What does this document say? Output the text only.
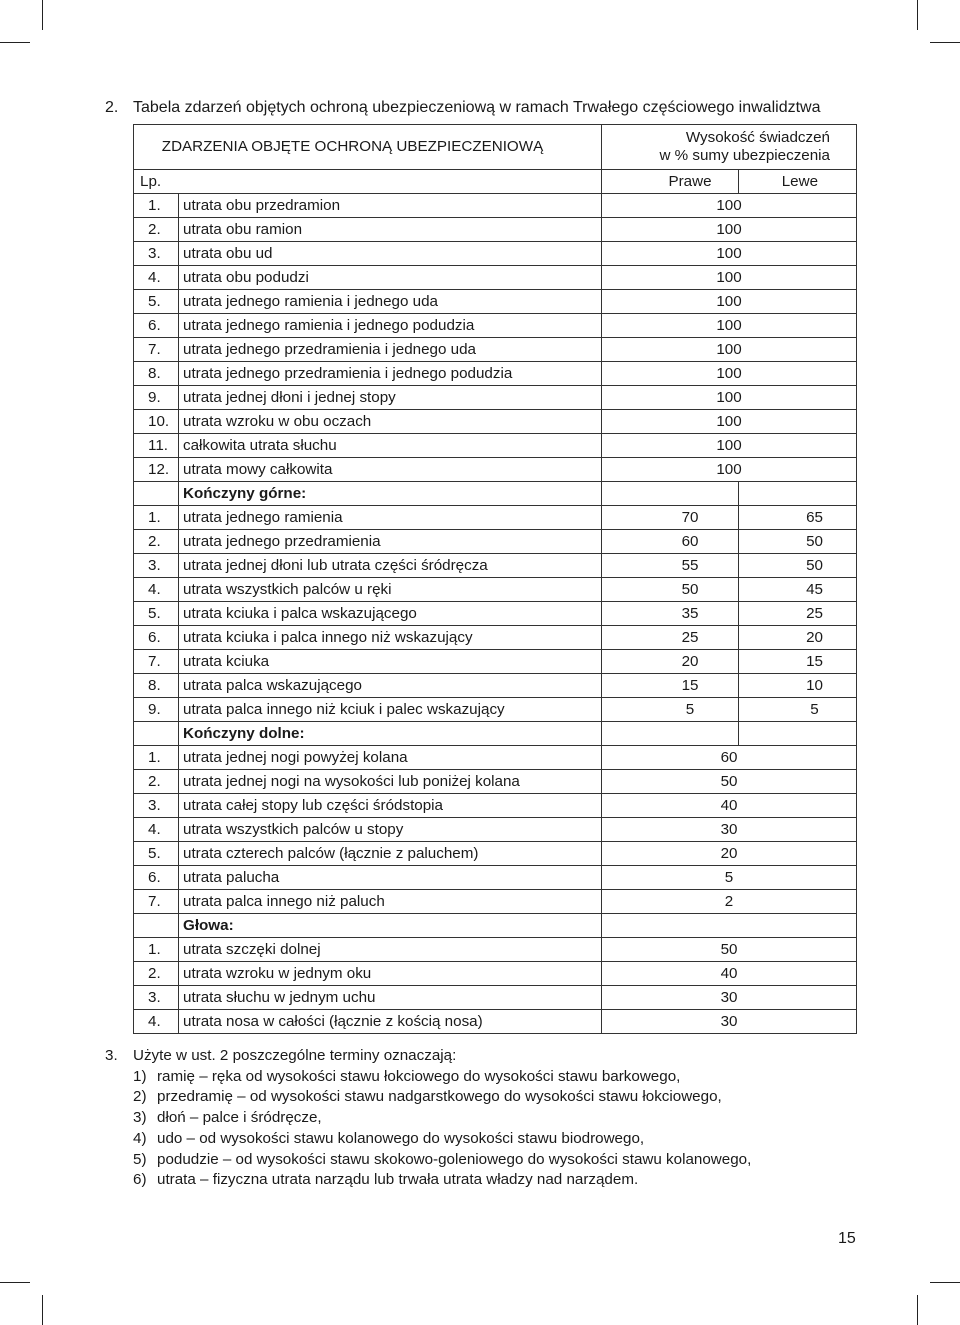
2. Tabela zdarzeń objętych ochroną ubezpieczeniową w ramach Trwałego częściowego inwalidztwa
ZDARZENIA OBJĘTE OCHRONĄ UBEZPIECZENIOWĄ		Wysokość świadczeń
w % sumy ubezpieczenia	
Lp.		Prawe	Lewe
1.	utrata obu przedramion	100	
2.	utrata obu ramion	100	
3.	utrata obu ud	100	
4.	utrata obu podudzi	100	
5.	utrata jednego ramienia i jednego uda	100	
6.	utrata jednego ramienia i jednego podudzia	100	
7.	utrata jednego przedramienia i jednego uda	100	
8.	utrata jednego przedramienia i jednego podudzia	100	
9.	utrata jednej dłoni i jednej stopy	100	
10.	utrata wzroku w obu oczach	100	
11.	całkowita utrata słuchu	100	
12.	utrata mowy całkowita	100	
	Kończyny górne:		
1.	utrata jednego ramienia	70	65
2.	utrata jednego przedramienia	60	50
3.	utrata jednej dłoni lub utrata części śródręcza	55	50
4.	utrata wszystkich palców u ręki	50	45
5.	utrata kciuka i palca wskazującego	35	25
6.	utrata kciuka i palca innego niż wskazujący	25	20
7.	utrata kciuka	20	15
8.	utrata palca wskazującego	15	10
9.	utrata palca innego niż kciuk i palec wskazujący	5	5
	Kończyny dolne:		
1.	utrata jednej nogi powyżej kolana	60	
2.	utrata jednej nogi na wysokości lub poniżej kolana	50	
3.	utrata całej stopy lub części śródstopia	40	
4.	utrata wszystkich palców u stopy	30	
5.	utrata czterech palców (łącznie z paluchem)	20	
6.	utrata palucha	5	
7.	utrata palca innego niż paluch	2	
	Głowa:		
1.	utrata szczęki dolnej	50	
2.	utrata wzroku w jednym oku	40	
3.	utrata słuchu w jednym uchu	30	
4.	utrata nosa w całości (łącznie z kością nosa)	30	
3. Użyte w ust. 2 poszczególne terminy oznaczają:
1) ramię – ręka od wysokości stawu łokciowego do wysokości stawu barkowego,
2) przedramię – od wysokości stawu nadgarstkowego do wysokości stawu łokciowego,
3) dłoń – palce i śródręcze,
4) udo – od wysokości stawu kolanowego do wysokości stawu biodrowego,
5) podudzie – od wysokości stawu skokowo-goleniowego do wysokości stawu kolanowego,
6) utrata – fizyczna utrata narządu lub trwała utrata władzy nad narządem.
15
